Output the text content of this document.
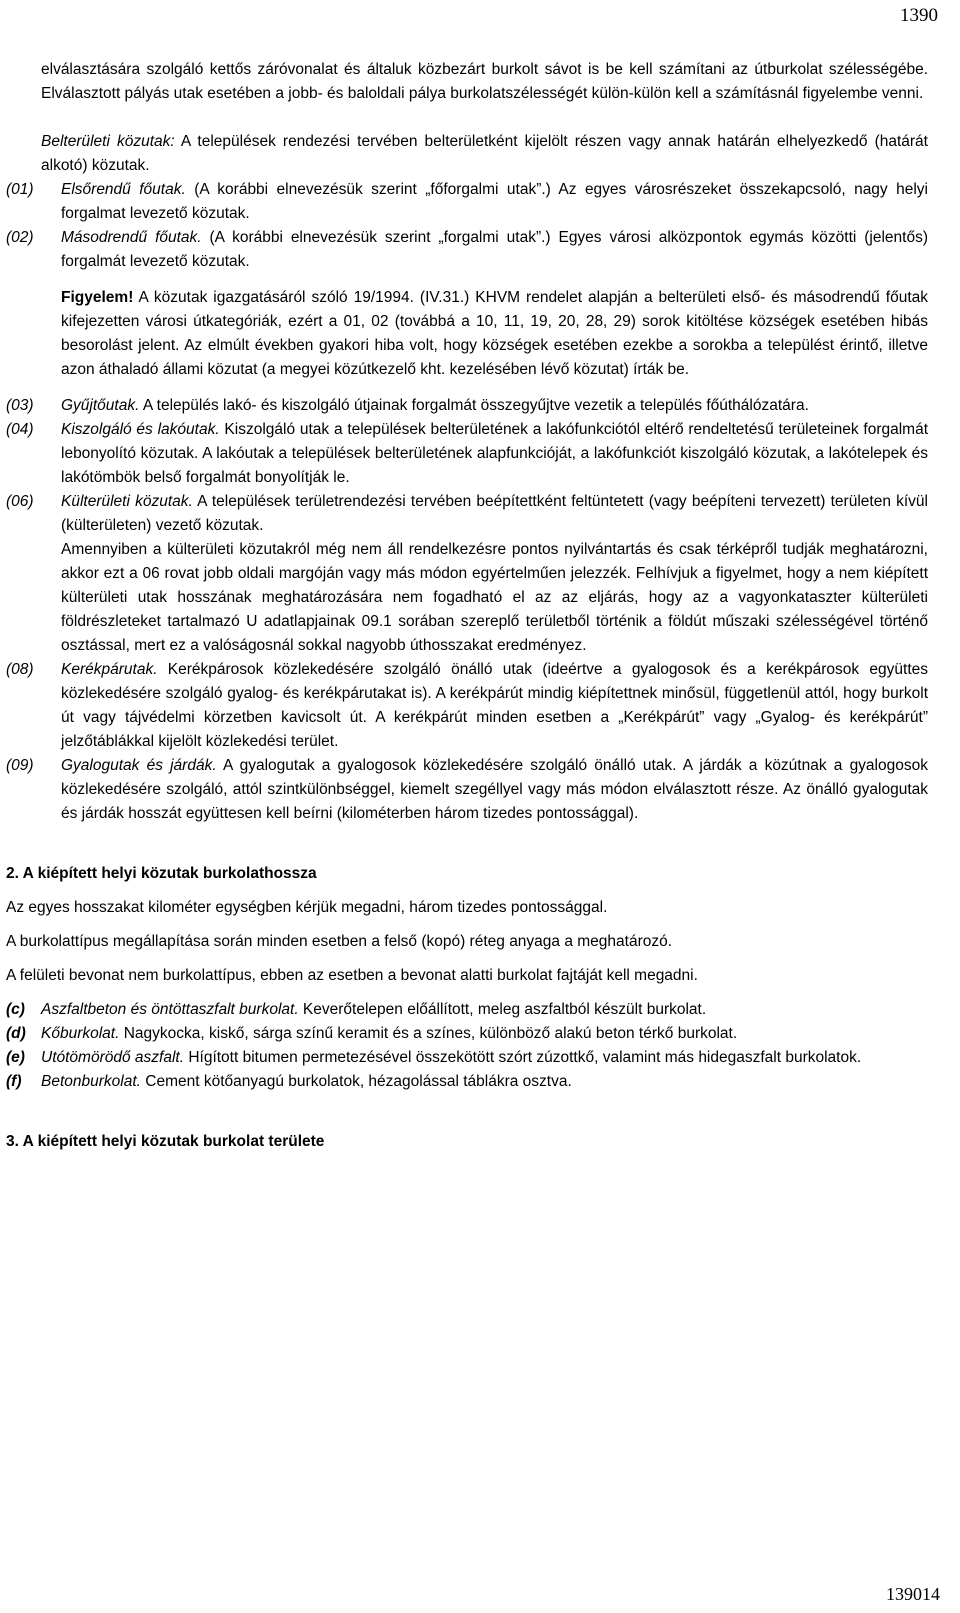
1390

elválasztására szolgáló kettős záróvonalat és általuk közbezárt burkolt sávot is be kell számítani az útburkolat szélességébe. Elválasztott pályás utak esetében a jobb- és baloldali pálya burkolatszélességét külön-külön kell a számításnál figyelembe venni.

Belterületi közutak: A települések rendezési tervében belterületként kijelölt részen vagy annak határán elhelyezkedő (határát alkotó) közutak.

(01) Elsőrendű főutak. (A korábbi elnevezésük szerint „főforgalmi utak”.) Az egyes városrészeket összekapcsoló, nagy helyi forgalmat levezető közutak.
(02) Másodrendű főutak. (A korábbi elnevezésük szerint „forgalmi utak”.) Egyes városi alközpontok egymás közötti (jelentős) forgalmát levezető közutak.

Figyelem! A közutak igazgatásáról szóló 19/1994. (IV.31.) KHVM rendelet alapján a belterületi első- és másodrendű főutak kifejezetten városi útkategóriák, ezért a 01, 02 (továbbá a 10, 11, 19, 20, 28, 29) sorok kitöltése községek esetében hibás besorolást jelent. Az elmúlt években gyakori hiba volt, hogy községek esetében ezekbe a sorokba a települést érintő, illetve azon áthaladó állami közutat (a megyei közútkezelő kht. kezelésében lévő közutat) írták be.

(03) Gyűjtőutak. A település lakó- és kiszolgáló útjainak forgalmát összegyűjtve vezetik a település főúthálózatára.
(04) Kiszolgáló és lakóutak. Kiszolgáló utak a települések belterületének a lakófunkciótól eltérő rendeltetésű területeinek forgalmát lebonyolító közutak. A lakóutak a települések belterületének alapfunkcióját, a lakófunkciót kiszolgáló közutak, a lakótelepek és lakótömbök belső forgalmát bonyolítják le.
(06) Külterületi közutak. A települések területrendezési tervében beépítettként feltüntetett (vagy beépíteni tervezett) területen kívül (külterületen) vezető közutak.
Amennyiben a külterületi közutakról még nem áll rendelkezésre pontos nyilvántartás és csak térképről tudják meghatározni, akkor ezt a 06 rovat jobb oldali margóján vagy más módon egyértelműen jelezzék. Felhívjuk a figyelmet, hogy a nem kiépített külterületi utak hosszának meghatározására nem fogadható el az az eljárás, hogy az a vagyonkataszter külterületi földrészleteket tartalmazó U adatlapjainak 09.1 sorában szereplő területből történik a földút műszaki szélességével történő osztással, mert ez a valóságosnál sokkal nagyobb úthosszakat eredményez.
(08) Kerékpárutak. Kerékpárosok közlekedésére szolgáló önálló utak (ideértve a gyalogosok és a kerékpárosok együttes közlekedésére szolgáló gyalog- és kerékpárutakat is). A kerékpárút mindig kiépítettnek minősül, függetlenül attól, hogy burkolt út vagy tájvédelmi körzetben kavicsolt út. A kerékpárút minden esetben a „Kerékpárút” vagy „Gyalog- és kerékpárút” jelzőtáblákkal kijelölt közlekedési terület.
(09) Gyalogutak és járdák. A gyalogutak a gyalogosok közlekedésére szolgáló önálló utak. A járdák a közútnak a gyalogosok közlekedésére szolgáló, attól szintkülönbséggel, kiemelt szegéllyel vagy más módon elválasztott része. Az önálló gyalogutak és járdák hosszát együttesen kell beírni (kilométerben három tizedes pontossággal).
2. A kiépített helyi közutak burkolathossza

Az egyes hosszakat kilométer egységben kérjük megadni, három tizedes pontossággal.

A burkolattípus megállapítása során minden esetben a felső (kopó) réteg anyaga a meghatározó.

A felületi bevonat nem burkolattípus, ebben az esetben a bevonat alatti burkolat fajtáját kell megadni.

(c) Aszfaltbeton és öntöttaszfalt burkolat. Keverőtelepen előállított, meleg aszfaltból készült burkolat.
(d) Kőburkolat. Nagykocka, kiskő, sárga színű keramit és a színes, különböző alakú beton térkő burkolat.
(e) Utótömörödő aszfalt. Hígított bitumen permetezésével összekötött szórt zúzottkő, valamint más hidegaszfalt burkolatok.
(f) Betonburkolat. Cement kötőanyagú burkolatok, hézagolással táblákra osztva.
3. A kiépített helyi közutak burkolat területe
139014
